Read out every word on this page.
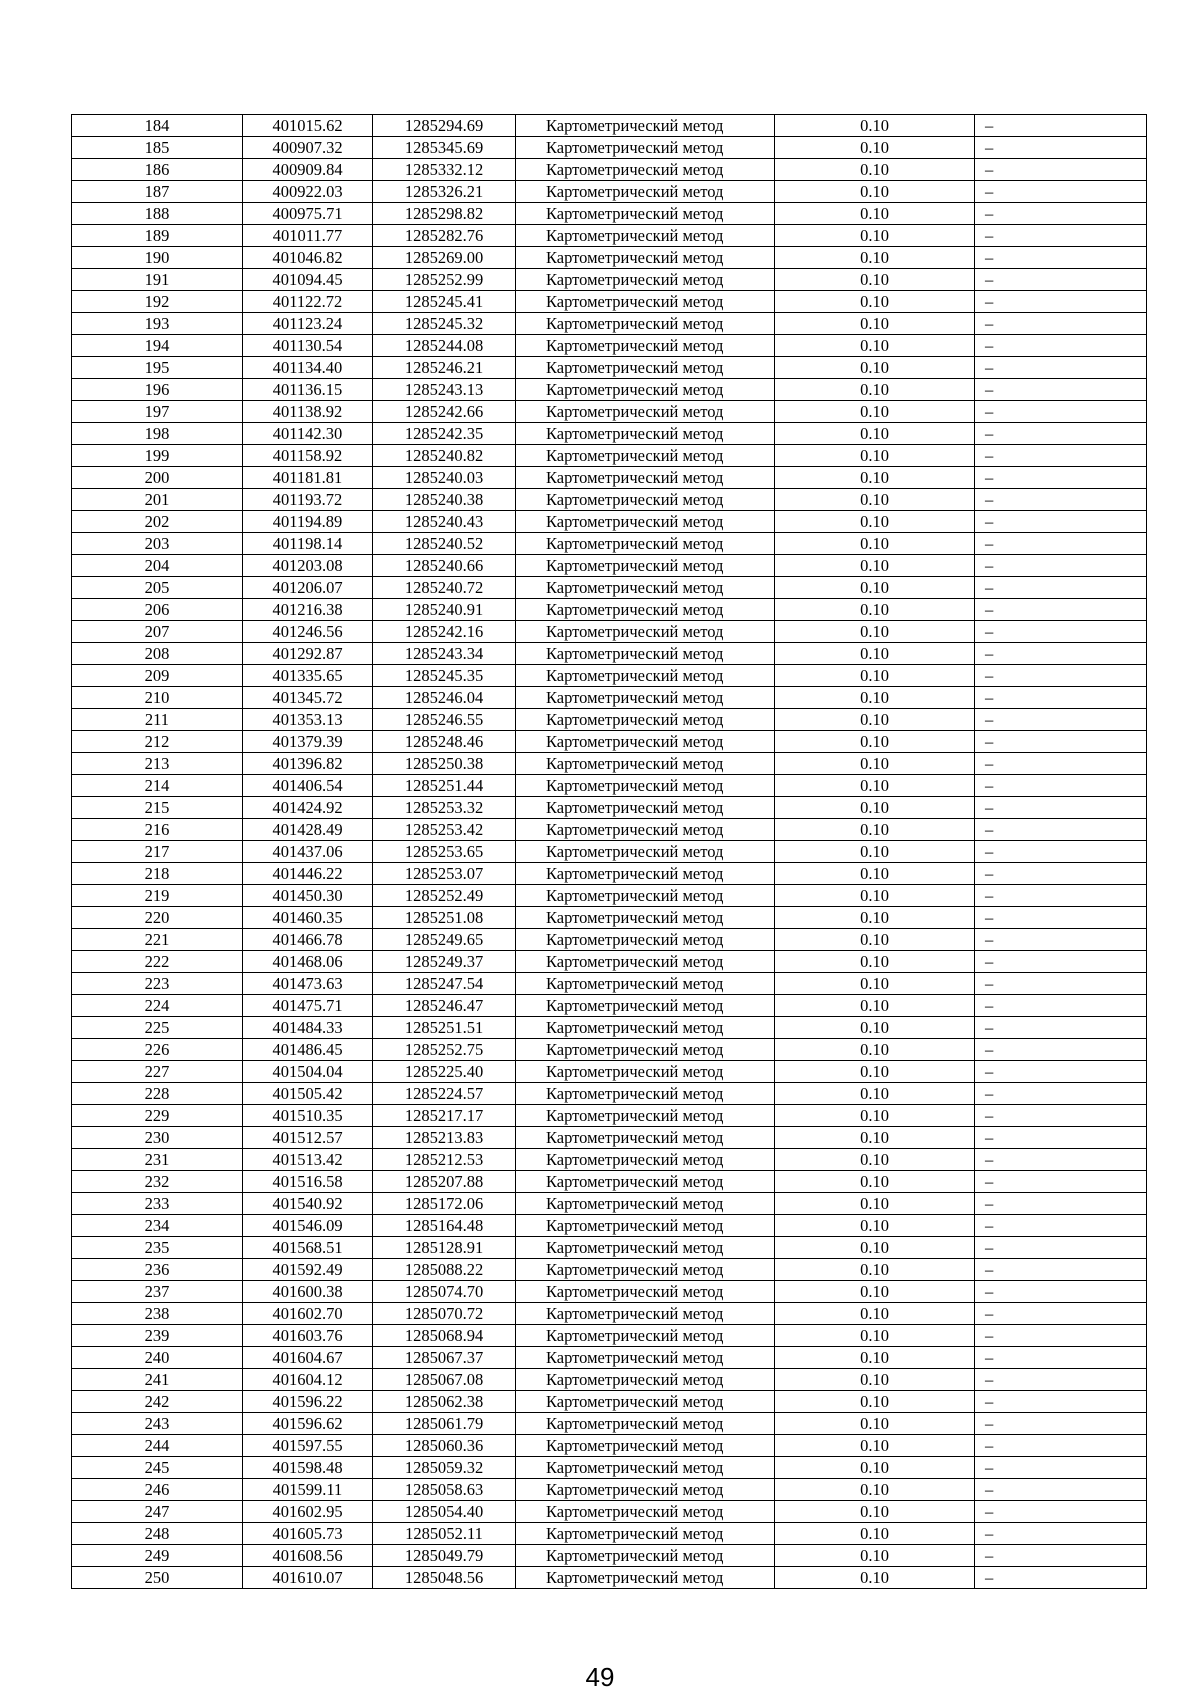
184	401015.62	1285294.69	Картометрический метод	0.10	–
185	400907.32	1285345.69	Картометрический метод	0.10	–
186	400909.84	1285332.12	Картометрический метод	0.10	–
187	400922.03	1285326.21	Картометрический метод	0.10	–
188	400975.71	1285298.82	Картометрический метод	0.10	–
189	401011.77	1285282.76	Картометрический метод	0.10	–
190	401046.82	1285269.00	Картометрический метод	0.10	–
191	401094.45	1285252.99	Картометрический метод	0.10	–
192	401122.72	1285245.41	Картометрический метод	0.10	–
193	401123.24	1285245.32	Картометрический метод	0.10	–
194	401130.54	1285244.08	Картометрический метод	0.10	–
195	401134.40	1285246.21	Картометрический метод	0.10	–
196	401136.15	1285243.13	Картометрический метод	0.10	–
197	401138.92	1285242.66	Картометрический метод	0.10	–
198	401142.30	1285242.35	Картометрический метод	0.10	–
199	401158.92	1285240.82	Картометрический метод	0.10	–
200	401181.81	1285240.03	Картометрический метод	0.10	–
201	401193.72	1285240.38	Картометрический метод	0.10	–
202	401194.89	1285240.43	Картометрический метод	0.10	–
203	401198.14	1285240.52	Картометрический метод	0.10	–
204	401203.08	1285240.66	Картометрический метод	0.10	–
205	401206.07	1285240.72	Картометрический метод	0.10	–
206	401216.38	1285240.91	Картометрический метод	0.10	–
207	401246.56	1285242.16	Картометрический метод	0.10	–
208	401292.87	1285243.34	Картометрический метод	0.10	–
209	401335.65	1285245.35	Картометрический метод	0.10	–
210	401345.72	1285246.04	Картометрический метод	0.10	–
211	401353.13	1285246.55	Картометрический метод	0.10	–
212	401379.39	1285248.46	Картометрический метод	0.10	–
213	401396.82	1285250.38	Картометрический метод	0.10	–
214	401406.54	1285251.44	Картометрический метод	0.10	–
215	401424.92	1285253.32	Картометрический метод	0.10	–
216	401428.49	1285253.42	Картометрический метод	0.10	–
217	401437.06	1285253.65	Картометрический метод	0.10	–
218	401446.22	1285253.07	Картометрический метод	0.10	–
219	401450.30	1285252.49	Картометрический метод	0.10	–
220	401460.35	1285251.08	Картометрический метод	0.10	–
221	401466.78	1285249.65	Картометрический метод	0.10	–
222	401468.06	1285249.37	Картометрический метод	0.10	–
223	401473.63	1285247.54	Картометрический метод	0.10	–
224	401475.71	1285246.47	Картометрический метод	0.10	–
225	401484.33	1285251.51	Картометрический метод	0.10	–
226	401486.45	1285252.75	Картометрический метод	0.10	–
227	401504.04	1285225.40	Картометрический метод	0.10	–
228	401505.42	1285224.57	Картометрический метод	0.10	–
229	401510.35	1285217.17	Картометрический метод	0.10	–
230	401512.57	1285213.83	Картометрический метод	0.10	–
231	401513.42	1285212.53	Картометрический метод	0.10	–
232	401516.58	1285207.88	Картометрический метод	0.10	–
233	401540.92	1285172.06	Картометрический метод	0.10	–
234	401546.09	1285164.48	Картометрический метод	0.10	–
235	401568.51	1285128.91	Картометрический метод	0.10	–
236	401592.49	1285088.22	Картометрический метод	0.10	–
237	401600.38	1285074.70	Картометрический метод	0.10	–
238	401602.70	1285070.72	Картометрический метод	0.10	–
239	401603.76	1285068.94	Картометрический метод	0.10	–
240	401604.67	1285067.37	Картометрический метод	0.10	–
241	401604.12	1285067.08	Картометрический метод	0.10	–
242	401596.22	1285062.38	Картометрический метод	0.10	–
243	401596.62	1285061.79	Картометрический метод	0.10	–
244	401597.55	1285060.36	Картометрический метод	0.10	–
245	401598.48	1285059.32	Картометрический метод	0.10	–
246	401599.11	1285058.63	Картометрический метод	0.10	–
247	401602.95	1285054.40	Картометрический метод	0.10	–
248	401605.73	1285052.11	Картометрический метод	0.10	–
249	401608.56	1285049.79	Картометрический метод	0.10	–
250	401610.07	1285048.56	Картометрический метод	0.10	–
49
